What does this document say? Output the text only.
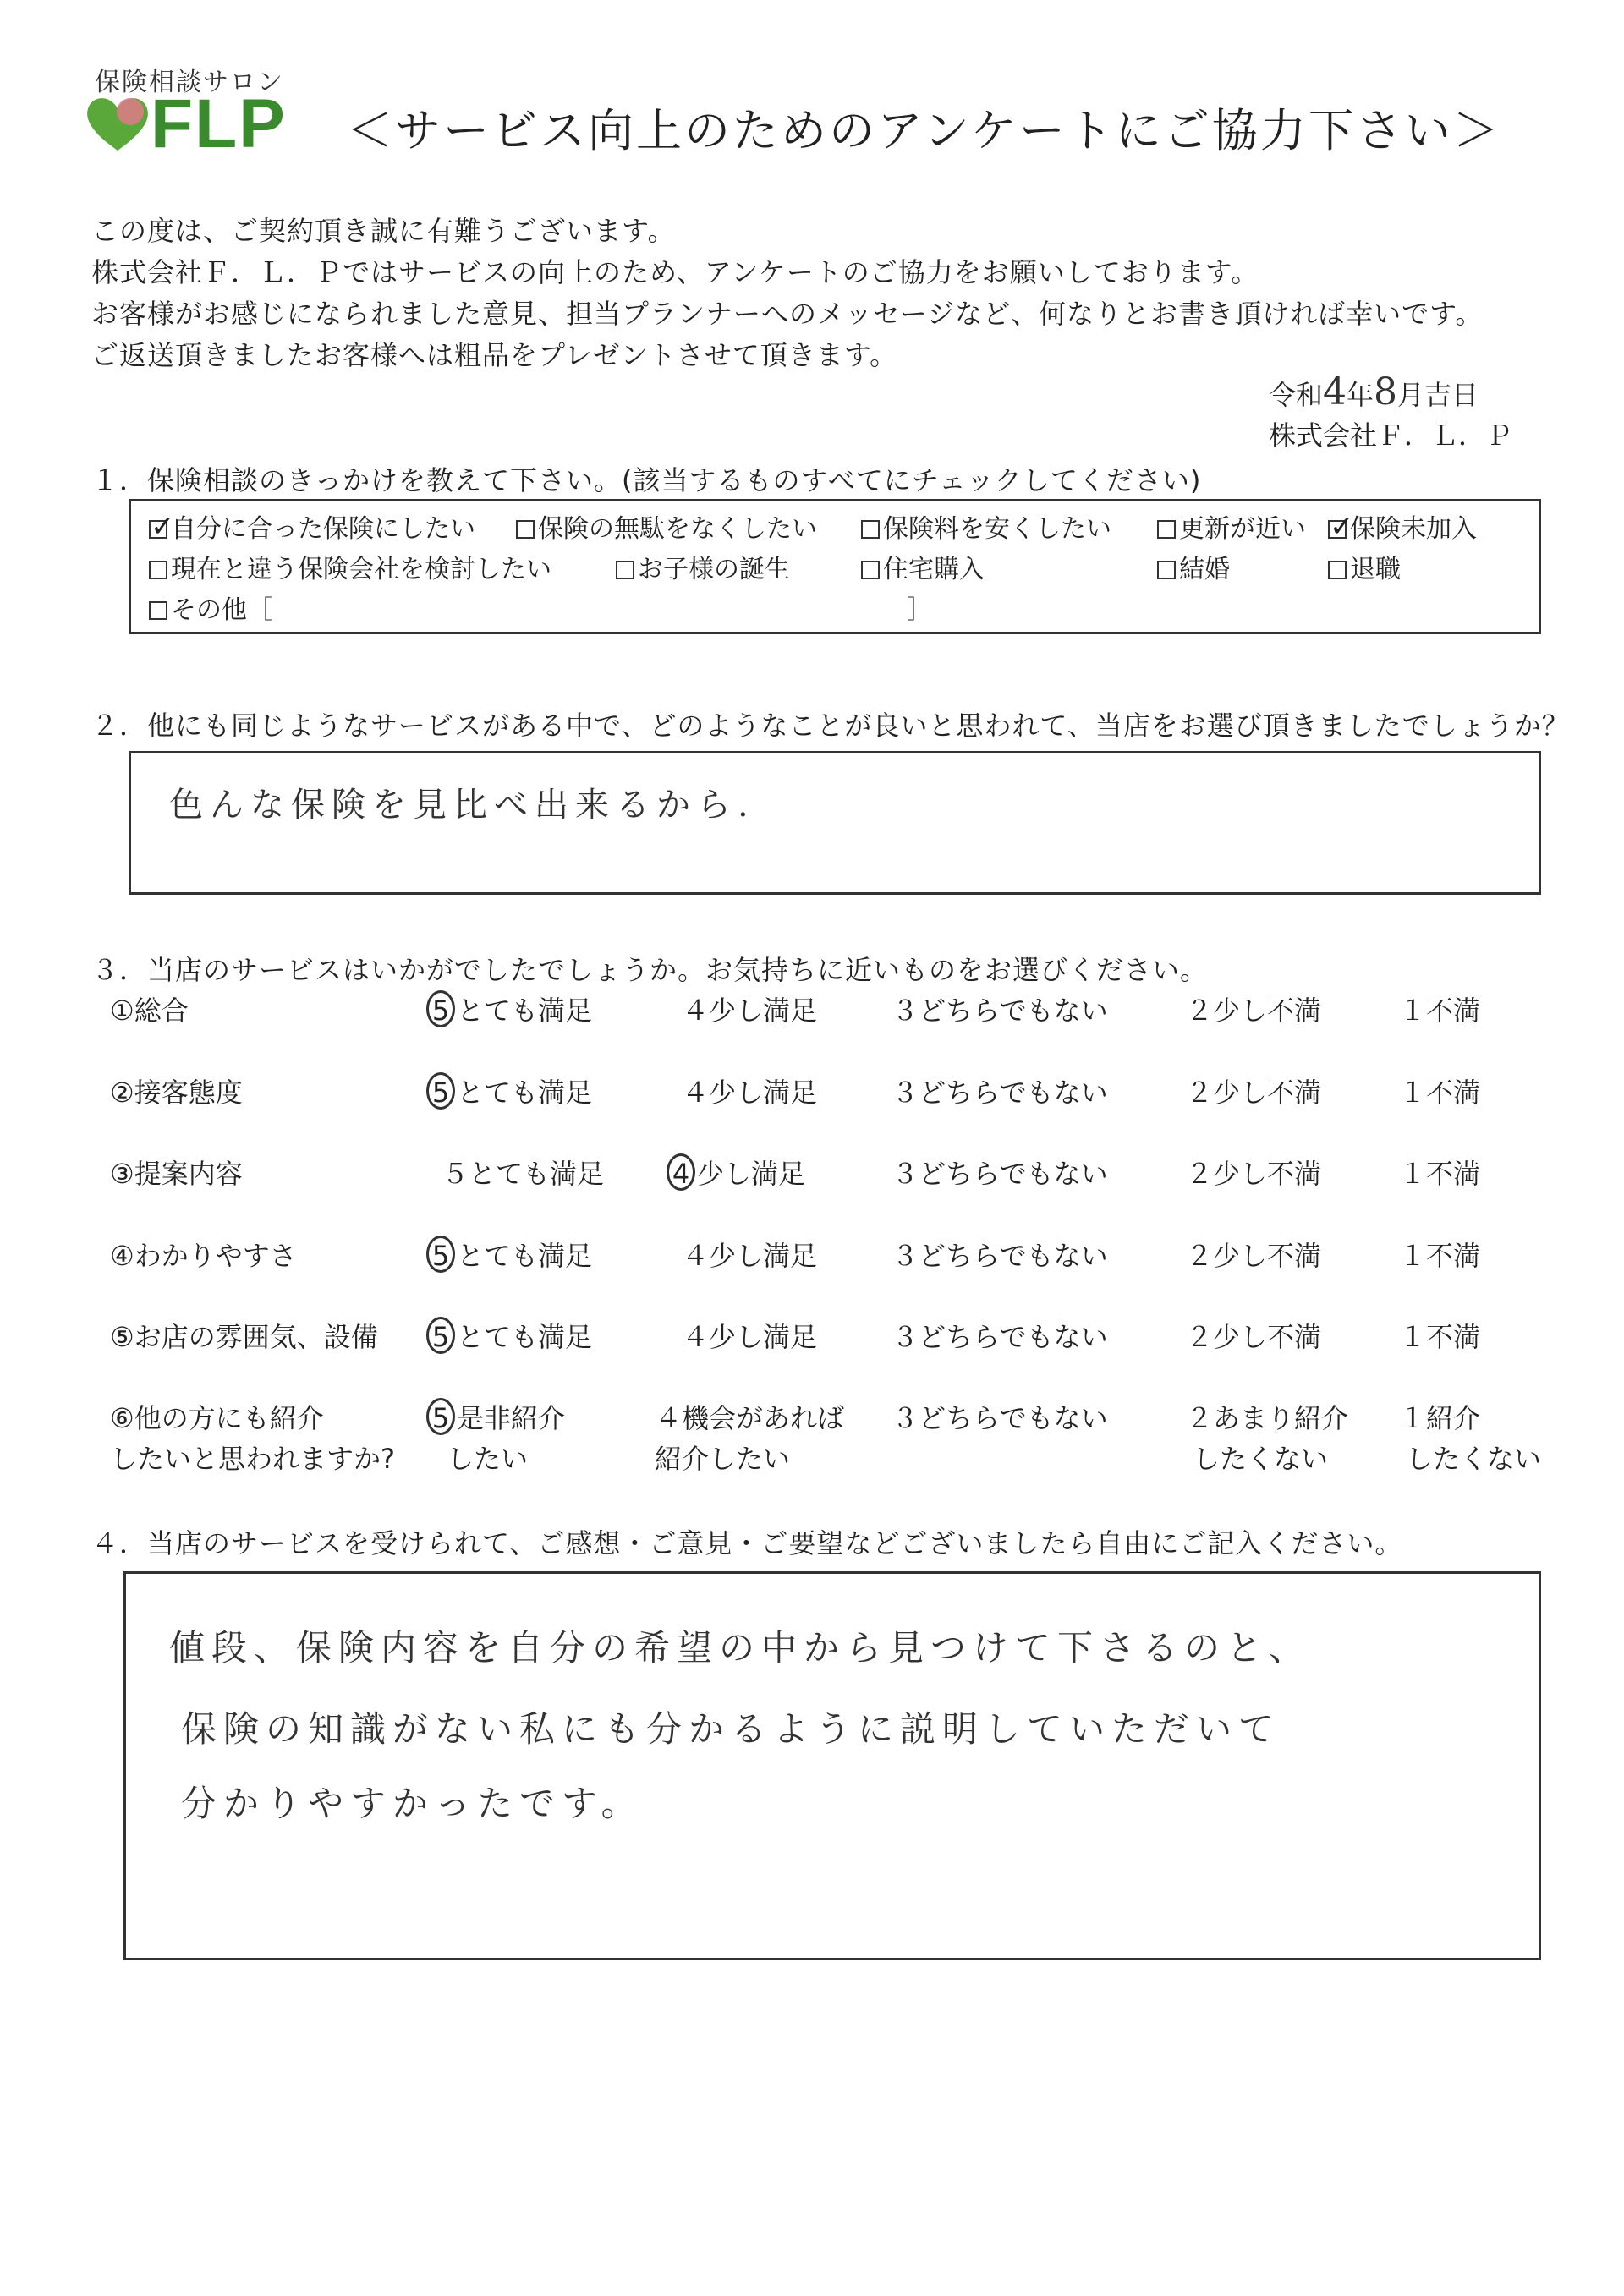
保険相談サロン
FLP ＜サービス向上のためのアンケートにご協力下さい＞
この度は、ご契約頂き誠に有難うございます。
株式会社Ｆ．Ｌ．Ｐではサービスの向上のため、アンケートのご協力をお願いしております。
お客様がお感じになられました意見、担当プランナーへのメッセージなど、何なりとお書き頂ければ幸いです。
ご返送頂きましたお客様へは粗品をプレゼントさせて頂きます。
令和4年8月吉日
株式会社Ｆ．Ｌ．Ｐ
１．保険相談のきっかけを教えて下さい。(該当するものすべてにチェックしてください)
✓自分に合った保険にしたい	保険の無駄をなくしたい	保険料を安くしたい	更新が近い
✓	保険未加入
現在と違う保険会社を検討したい	お子様の誕生	住宅購入	結婚	退職
その他［	］
２．他にも同じようなサービスがある中で、どのようなことが良いと思われて、当店をお選び頂きましたでしょうか？
色んな保険を見比べ出来るから.
３．当店のサービスはいかがでしたでしょうか。お気持ちに近いものをお選びください。
①総合	5 とても満足	４少し満足	３どちらでもない	２少し不満	１不満
②接客態度	5 とても満足	４少し満足	３どちらでもない	２少し不満	１不満
③提案内容	５とても満足	4 少し満足	３どちらでもない	２少し不満	１不満
④わかりやすさ	5 とても満足	４少し満足	３どちらでもない	２少し不満	１不満
⑤お店の雰囲気、設備 5 とても満足	４少し満足	３どちらでもない	２少し不満	１不満
⑥他の方にも紹介
したいと思われますか?
5 是非紹介
したい
４機会があれば
紹介したい
３どちらでもない	２あまり紹介
したくない
１紹介
したくない
４．当店のサービスを受けられて、ご感想・ご意見・ご要望などございましたら自由にご記入ください。
値段、保険内容を自分の希望の中から見つけて下さるのと、
保険の知識がない私にも分かるように説明していただいて
分かりやすかったです。
